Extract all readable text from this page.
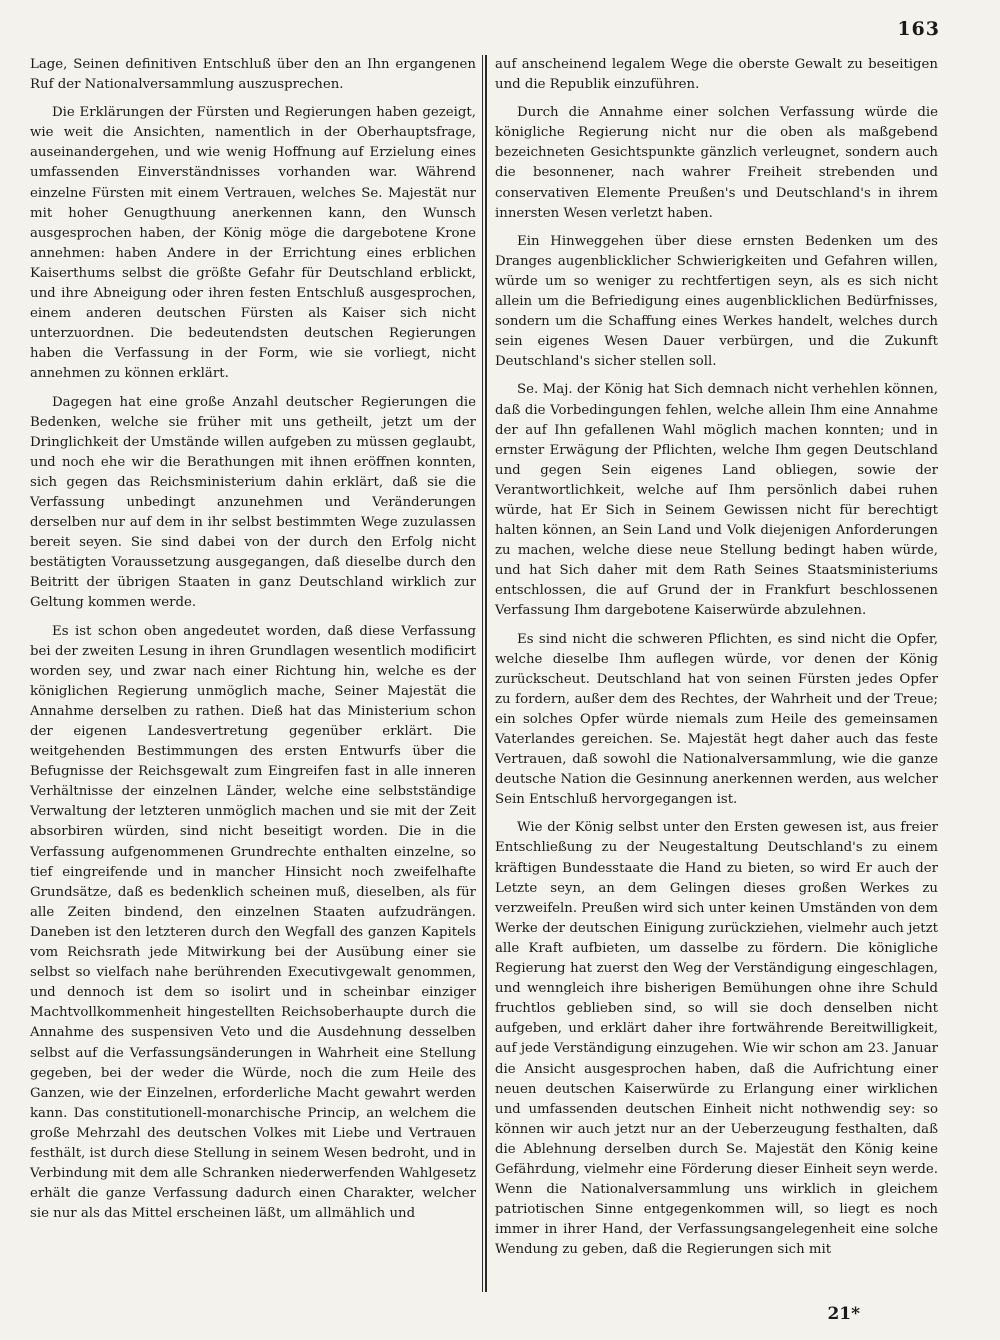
163

Lage, Seinen definitiven Entschluß über den an Ihn ergangenen Ruf der Nationalversammlung auszusprechen.

Die Erklärungen der Fürsten und Regierungen haben gezeigt, wie weit die Ansichten, namentlich in der Oberhauptsfrage, auseinandergehen, und wie wenig Hoffnung auf Erzielung eines umfassenden Einverständnisses vorhanden war. Während einzelne Fürsten mit einem Vertrauen, welches Se. Majestät nur mit hoher Genugthuung anerkennen kann, den Wunsch ausgesprochen haben, der König möge die dargebotene Krone annehmen: haben Andere in der Errichtung eines erblichen Kaiserthums selbst die größte Gefahr für Deutschland erblickt, und ihre Abneigung oder ihren festen Entschluß ausgesprochen, einem anderen deutschen Fürsten als Kaiser sich nicht unterzuordnen. Die bedeutendsten deutschen Regierungen haben die Verfassung in der Form, wie sie vorliegt, nicht annehmen zu können erklärt.

Dagegen hat eine große Anzahl deutscher Regierungen die Bedenken, welche sie früher mit uns getheilt, jetzt um der Dringlichkeit der Umstände willen aufgeben zu müssen geglaubt, und noch ehe wir die Berathungen mit ihnen eröffnen konnten, sich gegen das Reichsministerium dahin erklärt, daß sie die Verfassung unbedingt anzunehmen und Veränderungen derselben nur auf dem in ihr selbst bestimmten Wege zuzulassen bereit seyen. Sie sind dabei von der durch den Erfolg nicht bestätigten Voraussetzung ausgegangen, daß dieselbe durch den Beitritt der übrigen Staaten in ganz Deutschland wirklich zur Geltung kommen werde.

Es ist schon oben angedeutet worden, daß diese Verfassung bei der zweiten Lesung in ihren Grundlagen wesentlich modificirt worden sey, und zwar nach einer Richtung hin, welche es der königlichen Regierung unmöglich mache, Seiner Majestät die Annahme derselben zu rathen. Dieß hat das Ministerium schon der eigenen Landesvertretung gegenüber erklärt. Die weitgehenden Bestimmungen des ersten Entwurfs über die Befugnisse der Reichsgewalt zum Eingreifen fast in alle inneren Verhältnisse der einzelnen Länder, welche eine selbstständige Verwaltung der letzteren unmöglich machen und sie mit der Zeit absorbiren würden, sind nicht beseitigt worden. Die in die Verfassung aufgenommenen Grundrechte enthalten einzelne, so tief eingreifende und in mancher Hinsicht noch zweifelhafte Grundsätze, daß es bedenklich scheinen muß, dieselben, als für alle Zeiten bindend, den einzelnen Staaten aufzudrängen. Daneben ist den letzteren durch den Wegfall des ganzen Kapitels vom Reichsrath jede Mitwirkung bei der Ausübung einer sie selbst so vielfach nahe berührenden Executivgewalt genommen, und dennoch ist dem so isolirt und in scheinbar einziger Machtvollkommenheit hingestellten Reichsoberhaupte durch die Annahme des suspensiven Veto und die Ausdehnung desselben selbst auf die Verfassungsänderungen in Wahrheit eine Stellung gegeben, bei der weder die Würde, noch die zum Heile des Ganzen, wie der Einzelnen, erforderliche Macht gewahrt werden kann. Das constitutionell-monarchische Princip, an welchem die große Mehrzahl des deutschen Volkes mit Liebe und Vertrauen festhält, ist durch diese Stellung in seinem Wesen bedroht, und in Verbindung mit dem alle Schranken niederwerfenden Wahlgesetz erhält die ganze Verfassung dadurch einen Charakter, welcher sie nur als das Mittel erscheinen läßt, um allmählich und

auf anscheinend legalem Wege die oberste Gewalt zu beseitigen und die Republik einzuführen.

Durch die Annahme einer solchen Verfassung würde die königliche Regierung nicht nur die oben als maßgebend bezeichneten Gesichtspunkte gänzlich verleugnet, sondern auch die besonnener, nach wahrer Freiheit strebenden und conservativen Elemente Preußen's und Deutschland's in ihrem innersten Wesen verletzt haben.

Ein Hinweggehen über diese ernsten Bedenken um des Dranges augenblicklicher Schwierigkeiten und Gefahren willen, würde um so weniger zu rechtfertigen seyn, als es sich nicht allein um die Befriedigung eines augenblicklichen Bedürfnisses, sondern um die Schaffung eines Werkes handelt, welches durch sein eigenes Wesen Dauer verbürgen, und die Zukunft Deutschland's sicher stellen soll.

Se. Maj. der König hat Sich demnach nicht verhehlen können, daß die Vorbedingungen fehlen, welche allein Ihm eine Annahme der auf Ihn gefallenen Wahl möglich machen konnten; und in ernster Erwägung der Pflichten, welche Ihm gegen Deutschland und gegen Sein eigenes Land obliegen, sowie der Verantwortlichkeit, welche auf Ihm persönlich dabei ruhen würde, hat Er Sich in Seinem Gewissen nicht für berechtigt halten können, an Sein Land und Volk diejenigen Anforderungen zu machen, welche diese neue Stellung bedingt haben würde, und hat Sich daher mit dem Rath Seines Staatsministeriums entschlossen, die auf Grund der in Frankfurt beschlossenen Verfassung Ihm dargebotene Kaiserwürde abzulehnen.

Es sind nicht die schweren Pflichten, es sind nicht die Opfer, welche dieselbe Ihm auflegen würde, vor denen der König zurückscheut. Deutschland hat von seinen Fürsten jedes Opfer zu fordern, außer dem des Rechtes, der Wahrheit und der Treue; ein solches Opfer würde niemals zum Heile des gemeinsamen Vaterlandes gereichen. Se. Majestät hegt daher auch das feste Vertrauen, daß sowohl die Nationalversammlung, wie die ganze deutsche Nation die Gesinnung anerkennen werden, aus welcher Sein Entschluß hervorgegangen ist.

Wie der König selbst unter den Ersten gewesen ist, aus freier Entschließung zu der Neugestaltung Deutschland's zu einem kräftigen Bundesstaate die Hand zu bieten, so wird Er auch der Letzte seyn, an dem Gelingen dieses großen Werkes zu verzweifeln. Preußen wird sich unter keinen Umständen von dem Werke der deutschen Einigung zurückziehen, vielmehr auch jetzt alle Kraft aufbieten, um dasselbe zu fördern. Die königliche Regierung hat zuerst den Weg der Verständigung eingeschlagen, und wenngleich ihre bisherigen Bemühungen ohne ihre Schuld fruchtlos geblieben sind, so will sie doch denselben nicht aufgeben, und erklärt daher ihre fortwährende Bereitwilligkeit, auf jede Verständigung einzugehen. Wie wir schon am 23. Januar die Ansicht ausgesprochen haben, daß die Aufrichtung einer neuen deutschen Kaiserwürde zu Erlangung einer wirklichen und umfassenden deutschen Einheit nicht nothwendig sey: so können wir auch jetzt nur an der Ueberzeugung festhalten, daß die Ablehnung derselben durch Se. Majestät den König keine Gefährdung, vielmehr eine Förderung dieser Einheit seyn werde. Wenn die Nationalversammlung uns wirklich in gleichem patriotischen Sinne entgegenkommen will, so liegt es noch immer in ihrer Hand, der Verfassungsangelegenheit eine solche Wendung zu geben, daß die Regierungen sich mit

21*
